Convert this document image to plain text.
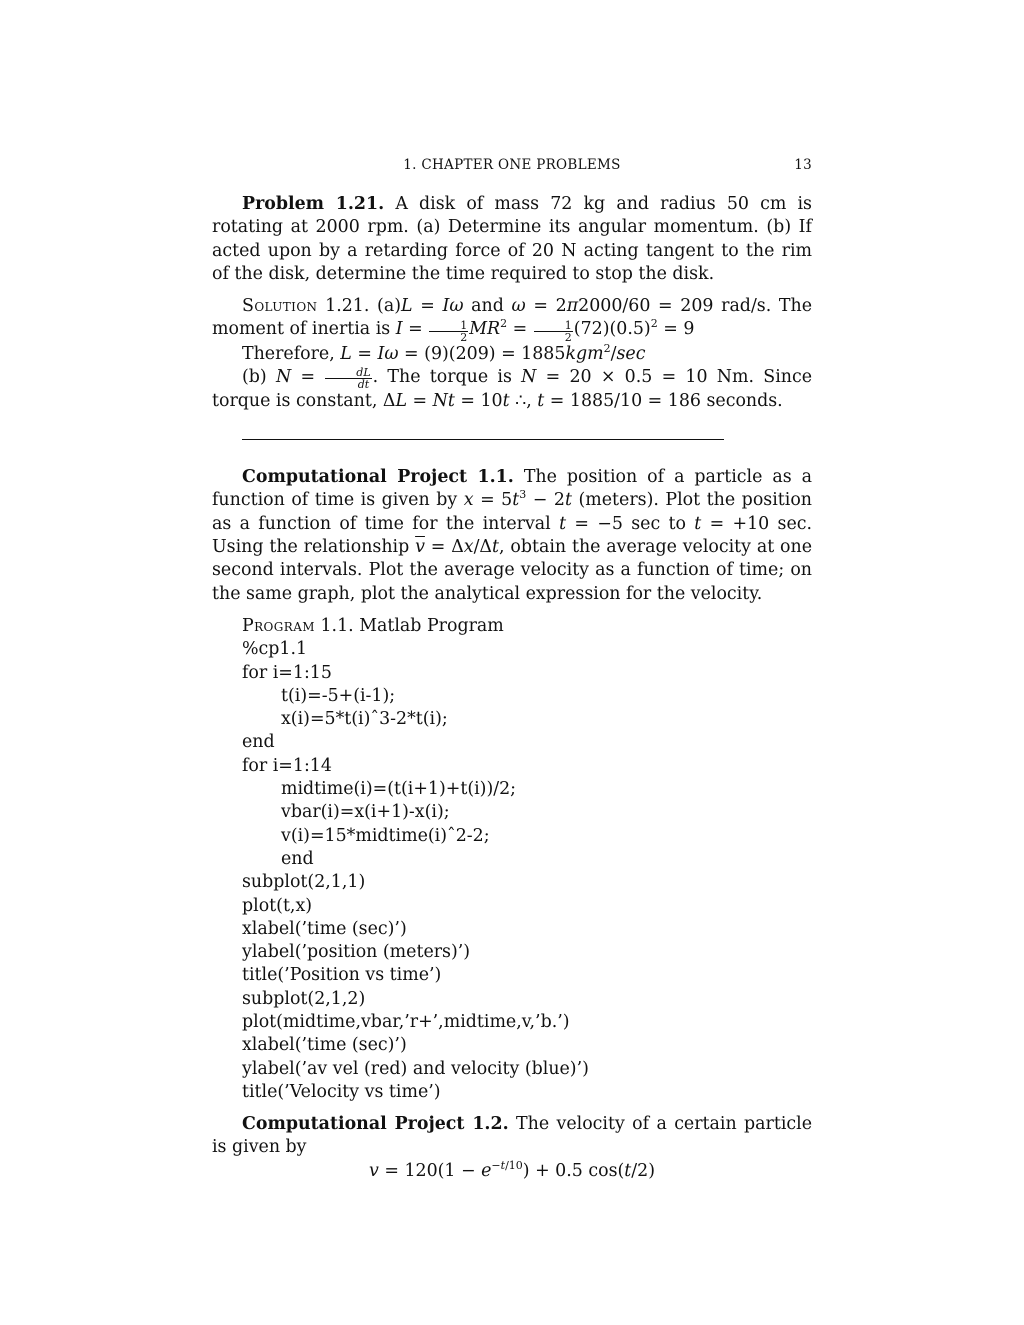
1. CHAPTER ONE PROBLEMS	13

Problem 1.21. A disk of mass 72 kg and radius 50 cm is rotating at 2000 rpm. (a) Determine its angular momentum. (b) If acted upon by a retarding force of 20 N acting tangent to the rim of the disk, determine the time required to stop the disk.

Solution 1.21. (a)L = Iω and ω = 2π2000/60 = 209 rad/s. The moment of inertia is $I = \frac{1}{2} MR^2 = \frac{1}{2} (72)(0.5)^2 = 9$

Therefore, L = Iω = (9)(209) = 1885kgm$^2$/sec

(b) $N = \frac{dL}{dt}$ . The torque is N = 20 × 0.5 = 10 Nm. Since torque is constant, ΔL = Nt = 10t ∴, t = 1885/10 = 186 seconds.

Computational Project 1.1. The position of a particle as a function of time is given by $x = 5t^3 - 2t$ (meters). Plot the position as a function of time for the interval t = −5 sec to t = +10 sec. Using the relationship $\overline{v} = \Delta x/\Delta t$, obtain the average velocity at one second intervals. Plot the average velocity as a function of time; on the same graph, plot the analytical expression for the velocity.

Program 1.1. Matlab Program

%cp1.1
for i=1:15
t(i)=-5+(i-1);
x(i)=5*t(i)ˆ3-2*t(i);
end
for i=1:14
midtime(i)=(t(i+1)+t(i))/2;
vbar(i)=x(i+1)-x(i);
v(i)=15*midtime(i)ˆ2-2;
end
subplot(2,1,1)
plot(t,x)
xlabel(’time (sec)’)
ylabel(’position (meters)’)
title(’Position vs time’)
subplot(2,1,2)
plot(midtime,vbar,’r+’,midtime,v,’b.’)
xlabel(’time (sec)’)
ylabel(’av vel (red) and velocity (blue)’)
title(’Velocity vs time’)

Computational Project 1.2. The velocity of a certain particle is given by

$v = 120(1 - e^{-t/10}) + 0.5$ cos(t/2)
